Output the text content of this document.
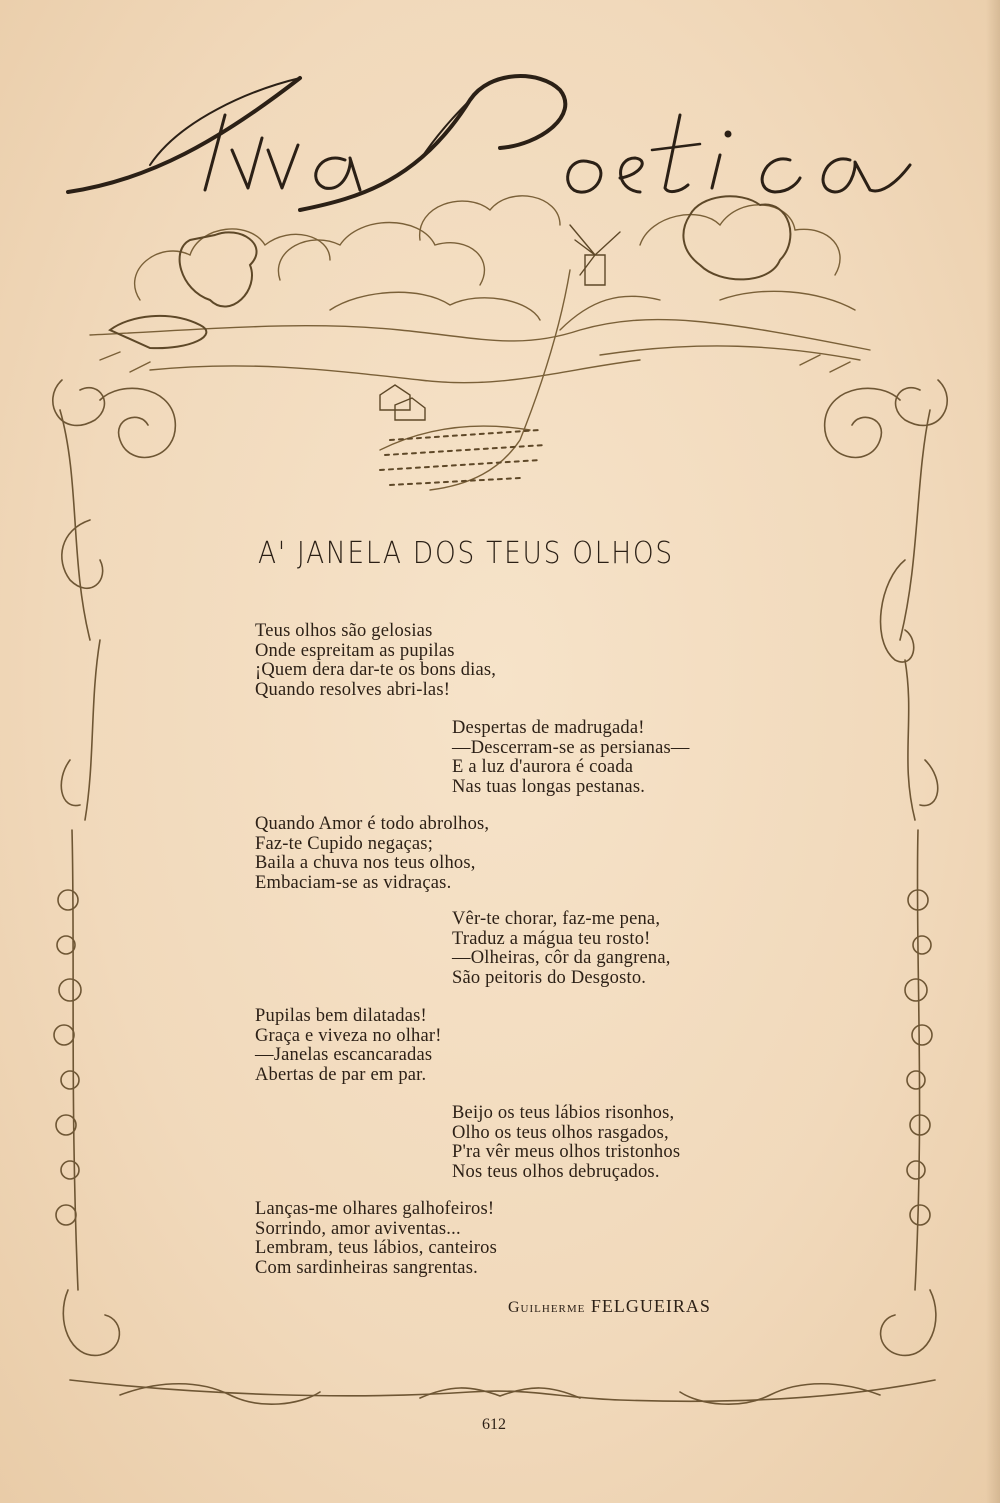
A' JANELA DOS TEUS OLHOS
Teus olhos são gelosias
Onde espreitam as pupilas
¡Quem dera dar-te os bons dias,
Quando resolves abri-las!
Despertas de madrugada!
—Descerram-se as persianas—
E a luz d'aurora é coada
Nas tuas longas pestanas.
Quando Amor é todo abrolhos,
Faz-te Cupido negaças;
Baila a chuva nos teus olhos,
Embaciam-se as vidraças.
Vêr-te chorar, faz-me pena,
Traduz a mágua teu rosto!
—Olheiras, côr da gangrena,
São peitoris do Desgosto.
Pupilas bem dilatadas!
Graça e viveza no olhar!
—Janelas escancaradas
Abertas de par em par.
Beijo os teus lábios risonhos,
Olho os teus olhos rasgados,
P'ra vêr meus olhos tristonhos
Nos teus olhos debruçados.
Lanças-me olhares galhofeiros!
Sorrindo, amor aviventas...
Lembram, teus lábios, canteiros
Com sardinheiras sangrentas.
Guilherme FELGUEIRAS
612
